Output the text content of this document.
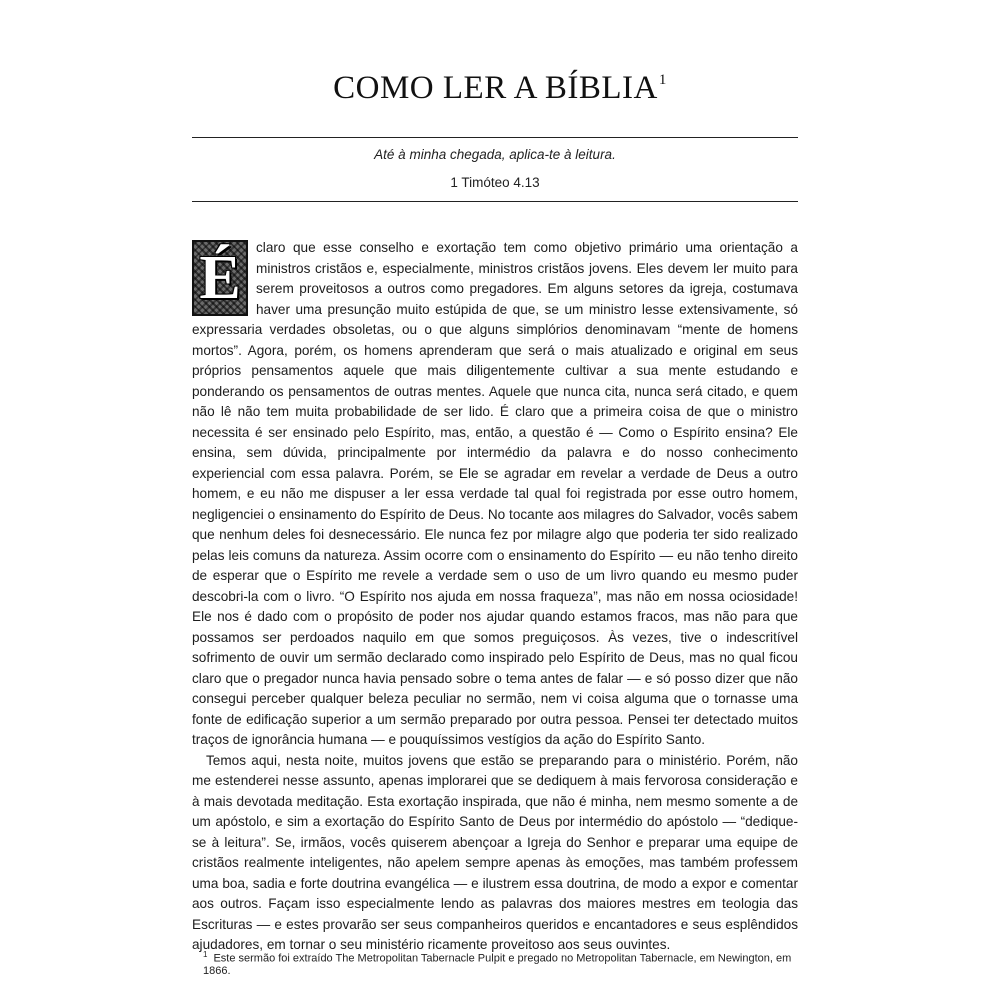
COMO LER A BÍBLIA$^1$
Até à minha chegada, aplica-te à leitura.
1 Timóteo 4.13

É	claro que esse conselho e exortação tem como objetivo primário uma orientação a ministros cristãos e, especialmente, ministros cristãos jovens. Eles devem ler muito para serem proveitosos a outros como pregadores. Em alguns setores da igreja, costumava haver uma presunção muito estúpida de que, se um ministro lesse extensivamente, só expressaria verdades obsoletas, ou o que alguns simplórios denominavam “mente de homens mortos”. Agora, porém, os homens aprenderam que será o mais atualizado e original em seus próprios pensamentos aquele que mais diligentemente cultivar a sua mente estudando e ponderando os pensamentos de outras mentes. Aquele que nunca cita, nunca será citado, e quem não lê não tem muita probabilidade de ser lido. É claro que a primeira coisa de que o ministro necessita é ser ensinado pelo Espírito, mas, então, a questão é — Como o Espírito ensina? Ele ensina, sem dúvida, principalmente por intermédio da palavra e do nosso conhecimento experiencial com essa palavra. Porém, se Ele se agradar em revelar a verdade de Deus a outro homem, e eu não me dispuser a ler essa verdade tal qual foi registrada por esse outro homem, negligenciei o ensinamento do Espírito de Deus. No tocante aos milagres do Salvador, vocês sabem que nenhum deles foi desnecessário. Ele nunca fez por milagre algo que poderia ter sido realizado pelas leis comuns da natureza. Assim ocorre com o ensinamento do Espírito — eu não tenho direito de esperar que o Espírito me revele a verdade sem o uso de um livro quando eu mesmo puder descobri-la com o livro. “O Espírito nos ajuda em nossa fraqueza”, mas não em nossa ociosidade! Ele nos é dado com o propósito de poder nos ajudar quando estamos fracos, mas não para que possamos ser perdoados naquilo em que somos preguiçosos. Às vezes, tive o indescritível sofrimento de ouvir um sermão declarado como inspirado pelo Espírito de Deus, mas no qual ficou claro que o pregador nunca havia pensado sobre o tema antes de falar — e só posso dizer que não consegui perceber qualquer beleza peculiar no sermão, nem vi coisa alguma que o tornasse uma fonte de edificação superior a um sermão preparado por outra pessoa. Pensei ter detectado muitos traços de ignorância humana — e pouquíssimos vestígios da ação do Espírito Santo.

Temos aqui, nesta noite, muitos jovens que estão se preparando para o ministério. Porém, não me estenderei nesse assunto, apenas implorarei que se dediquem à mais fervorosa consideração e à mais devotada meditação. Esta exortação inspirada, que não é minha, nem mesmo somente a de um apóstolo, e sim a exortação do Espírito Santo de Deus por intermédio do apóstolo — “dedique-se à leitura”. Se, irmãos, vocês quiserem abençoar a Igreja do Senhor e preparar uma equipe de cristãos realmente inteligentes, não apelem sempre apenas às emoções, mas também professem uma boa, sadia e forte doutrina evangélica — e ilustrem essa doutrina, de modo a expor e comentar aos outros. Façam isso especialmente lendo as palavras dos maiores mestres em teologia das Escrituras — e estes provarão ser seus companheiros queridos e encantadores e seus esplêndidos ajudadores, em tornar o seu ministério ricamente proveitoso aos seus ouvintes.

$^1$ Este sermão foi extraído The Metropolitan Tabernacle Pulpit e pregado no Metropolitan Tabernacle, em Newington, em 1866.
